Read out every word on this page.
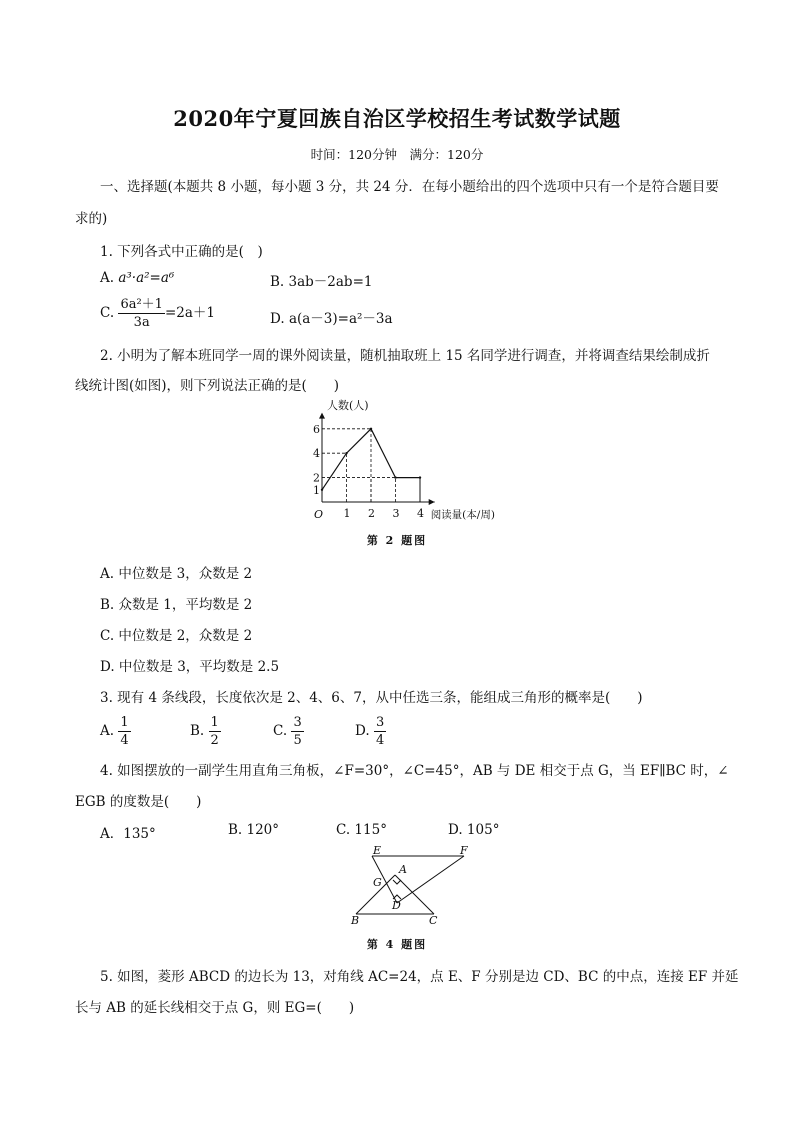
2020年宁夏回族自治区学校招生考试数学试题
时间：120分钟　满分：120分
一、选择题(本题共 8 小题，每小题 3 分，共 24 分．在每小题给出的四个选项中只有一个是符合题目要
求的)
1. 下列各式中正确的是(　)
A. a³·a²=a⁶	B. 3ab－2ab=1
C. $\frac{\text{6a²＋1}}{3a} =2a+1$	D. a(a－3)=a²－3a
2. 小明为了解本班同学一周的课外阅读量，随机抽取班上 15 名同学进行调查，并将调查结果绘制成折
线统计图(如图)，则下列说法正确的是(　　)
1 2 3 4
1
2
4
6
O
人数(人)
阅读量(本/周)
第 2 题图
A. 中位数是 3，众数是 2
B. 众数是 1，平均数是 2
C. 中位数是 2，众数是 2
D. 中位数是 3，平均数是 2.5
3. 现有 4 条线段，长度依次是 2、4、6、7，从中任选三条，能组成三角形的概率是(　　)
A. $\frac{1}{4}$	B. $\frac{1}{2}$	C. $\frac{3}{5}$	D. $\frac{3}{4}$
4. 如图摆放的一副学生用直角三角板，∠F=30°，∠C=45°，AB 与 DE 相交于点 G，当 EF∥BC 时，∠
EGB 的度数是(　　)
A．135°	B. 120°	C. 115°	D. 105°
E	F
A
G
D
B	C
第 4 题图
5. 如图，菱形 ABCD 的边长为 13，对角线 AC=24，点 E、F 分别是边 CD、BC 的中点，连接 EF 并延
长与 AB 的延长线相交于点 G，则 EG=(　　)
